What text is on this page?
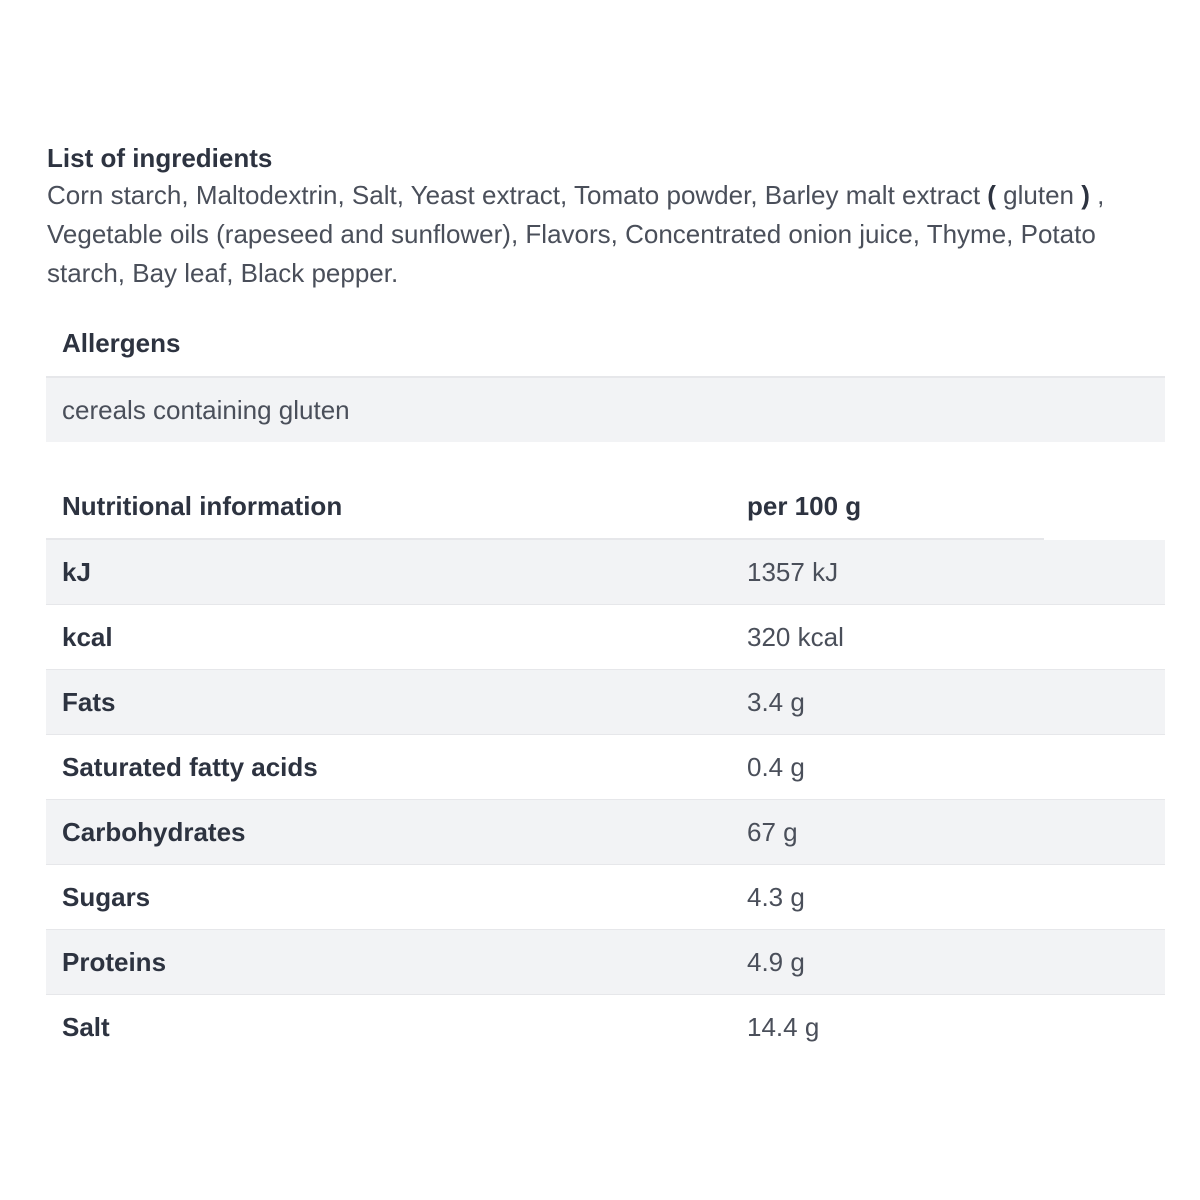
List of ingredients

Corn starch, Maltodextrin, Salt, Yeast extract, Tomato powder, Barley malt extract ( gluten ) , Vegetable oils (rapeseed and sunflower), Flavors, Concentrated onion juice, Thyme, Potato starch, Bay leaf, Black pepper.

Allergens
cereals containing gluten
Nutritional information	per 100 g
kJ	1357 kJ
kcal	320 kcal
Fats	3.4 g
Saturated fatty acids	0.4 g
Carbohydrates	67 g
Sugars	4.3 g
Proteins	4.9 g
Salt	14.4 g
